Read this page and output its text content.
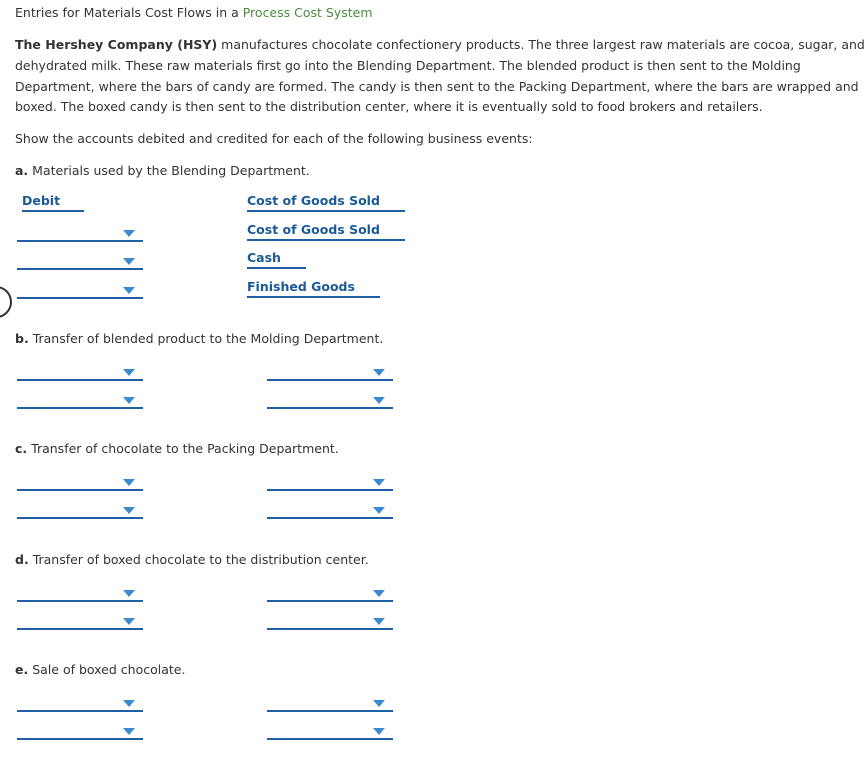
Entries for Materials Cost Flows in a Process Cost System
The Hershey Company (HSY) manufactures chocolate confectionery products. The three largest raw materials are cocoa, sugar, and dehydrated milk. These raw materials first go into the Blending Department. The blended product is then sent to the Molding Department, where the bars of candy are formed. The candy is then sent to the Packing Department, where the bars are wrapped and boxed. The boxed candy is then sent to the distribution center, where it is eventually sold to food brokers and retailers.
Show the accounts debited and credited for each of the following business events:
a. Materials used by the Blending Department.
Debit	Cost of Goods Sold
Cost of Goods Sold
Cash
Finished Goods
b. Transfer of blended product to the Molding Department.
c. Transfer of chocolate to the Packing Department.
d. Transfer of boxed chocolate to the distribution center.
e. Sale of boxed chocolate.
